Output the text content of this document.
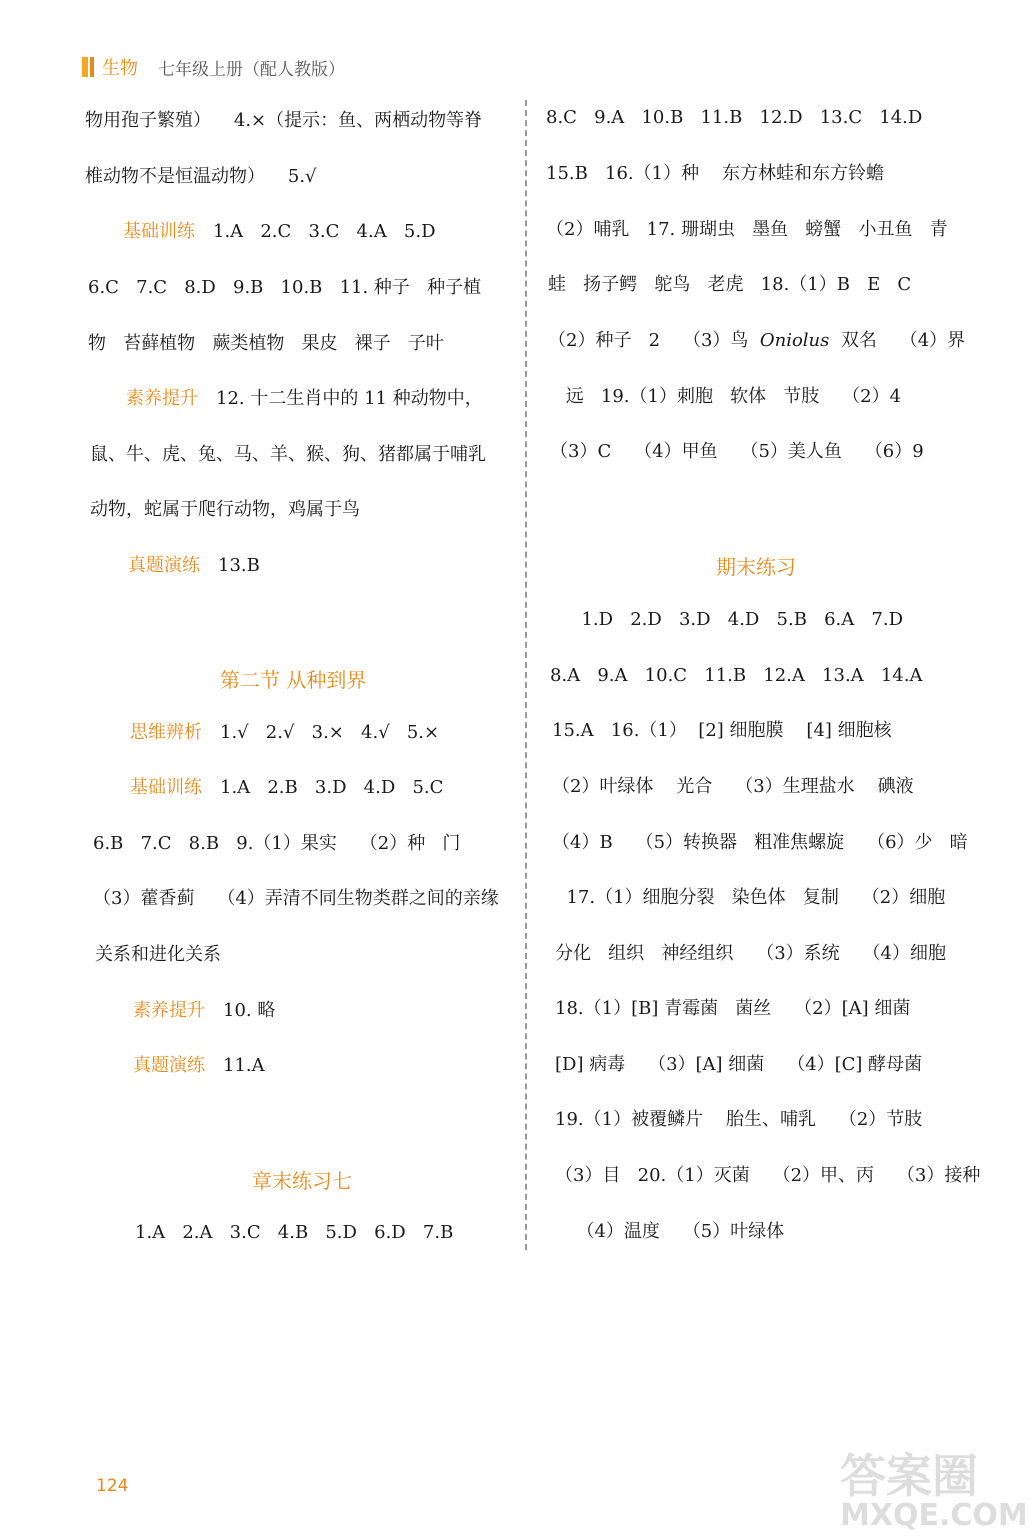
生物 七年级上册（配人教版）
物用孢子繁殖）    4.×（提示：鱼、两栖动物等脊
椎动物不是恒温动物）    5.√
基础训练 1.A   2.C   3.C   4.A   5.D
6.C   7.C   8.D   9.B   10.B   11. 种子   种子植
物   苔藓植物   蕨类植物   果皮   裸子   子叶
素养提升 12. 十二生肖中的 11 种动物中，
鼠、牛、虎、兔、马、羊、猴、狗、猪都属于哺乳
动物，蛇属于爬行动物，鸡属于鸟
真题演练 13.B
第二节 从种到界
思维辨析 1.√   2.√   3.×   4.√   5.×
基础训练 1.A   2.B   3.D   4.D   5.C
6.B   7.C   8.B   9.（1）果实    （2）种   门
（3）藿香蓟    （4）弄清不同生物类群之间的亲缘
关系和进化关系
素养提升 10. 略
真题演练 11.A
章末练习七
1.A   2.A   3.C   4.B   5.D   6.D   7.B
8.C   9.A   10.B   11.B   12.D   13.C   14.D
15.B   16.（1）种    东方林蛙和东方铃蟾
（2）哺乳   17. 珊瑚虫   墨鱼   螃蟹   小丑鱼   青
蛙   扬子鳄   鸵鸟   老虎   18.（1）B   E   C
（2）种子   2    （3）鸟  Oniolus  双名    （4）界
远   19.（1）刺胞   软体   节肢    （2）4
（3）C    （4）甲鱼    （5）美人鱼    （6）9
期末练习
1.D   2.D   3.D   4.D   5.B   6.A   7.D
8.A   9.A   10.C   11.B   12.A   13.A   14.A
15.A   16.（1）  [2] 细胞膜    [4] 细胞核
（2）叶绿体    光合    （3）生理盐水    碘液
（4）B    （5）转换器   粗准焦螺旋    （6）少   暗
17.（1）细胞分裂   染色体   复制    （2）细胞
分化   组织   神经组织    （3）系统    （4）细胞
18.（1）[B] 青霉菌   菌丝    （2）[A] 细菌
[D] 病毒    （3）[A] 细菌    （4）[C] 酵母菌
19.（1）被覆鳞片    胎生、哺乳    （2）节肢
（3）目   20.（1）灭菌    （2）甲、丙    （3）接种
（4）温度    （5）叶绿体
124	答案圈
MXQE.COM
